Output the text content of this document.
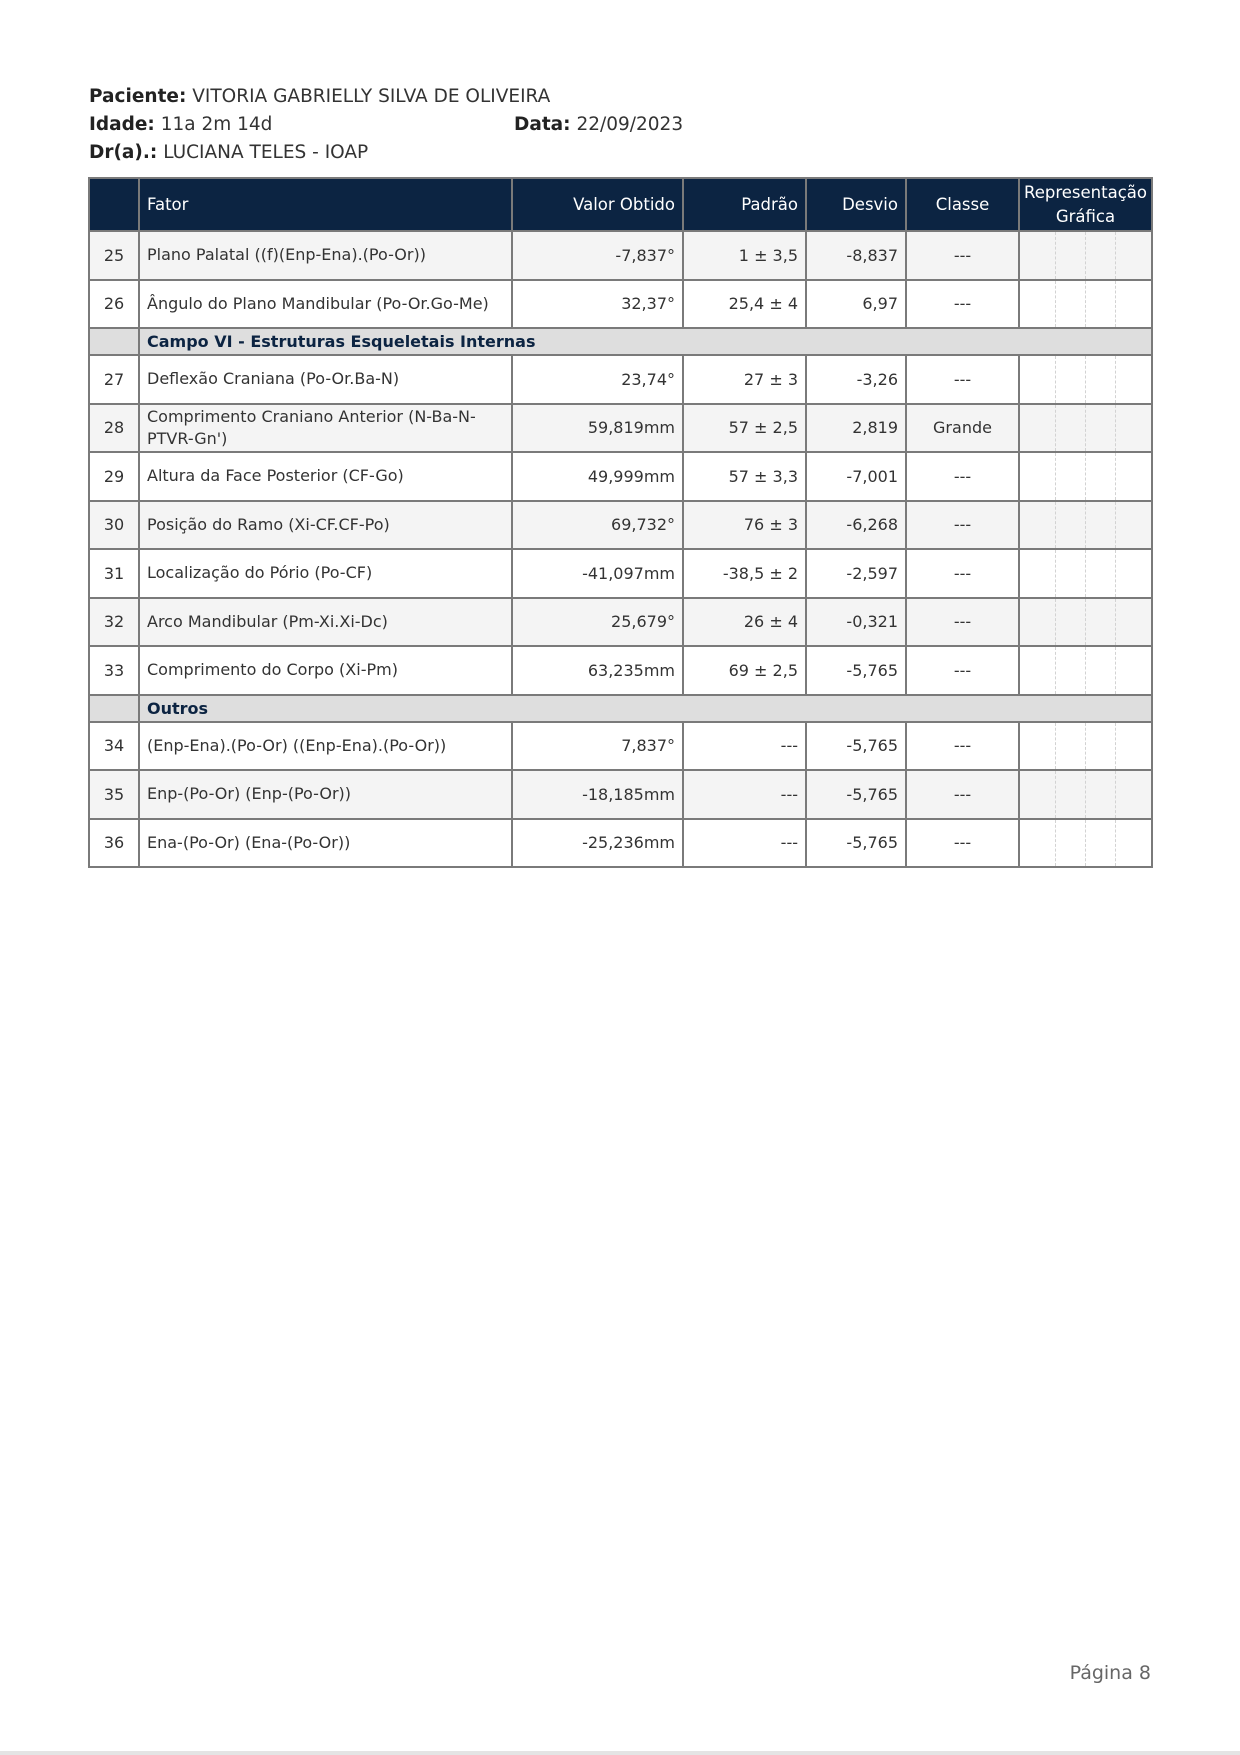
Paciente: VITORIA GABRIELLY SILVA DE OLIVEIRA
Idade: 11a 2m 14d	Data: 22/09/2023
Dr(a).: LUCIANA TELES - IOAP
	Fator	Valor Obtido	Padrão	Desvio	Classe	Representação Gráfica
25	Plano Palatal ((f)(Enp-Ena).(Po-Or))	-7,837°	1 ± 3,5	-8,837	---	

26	Ângulo do Plano Mandibular (Po-Or.Go-Me)	32,37°	25,4 ± 4	6,97	---	

	Campo VI - Estruturas Esqueletais Internas					
27	Deflexão Craniana (Po-Or.Ba-N)	23,74°	27 ± 3	-3,26	---	

28	Comprimento Craniano Anterior (N-Ba-N-PTVR-Gn')	59,819mm	57 ± 2,5	2,819	Grande	

29	Altura da Face Posterior (CF-Go)	49,999mm	57 ± 3,3	-7,001	---	

30	Posição do Ramo (Xi-CF.CF-Po)	69,732°	76 ± 3	-6,268	---	

31	Localização do Pório (Po-CF)	-41,097mm	-38,5 ± 2	-2,597	---	

32	Arco Mandibular (Pm-Xi.Xi-Dc)	25,679°	26 ± 4	-0,321	---	

33	Comprimento do Corpo (Xi-Pm)	63,235mm	69 ± 2,5	-5,765	---	

	Outros					
34	(Enp-Ena).(Po-Or) ((Enp-Ena).(Po-Or))	7,837°	---	-5,765	---	

35	Enp-(Po-Or) (Enp-(Po-Or))	-18,185mm	---	-5,765	---	

36	Ena-(Po-Or) (Ena-(Po-Or))	-25,236mm	---	-5,765	---	
Página 8
